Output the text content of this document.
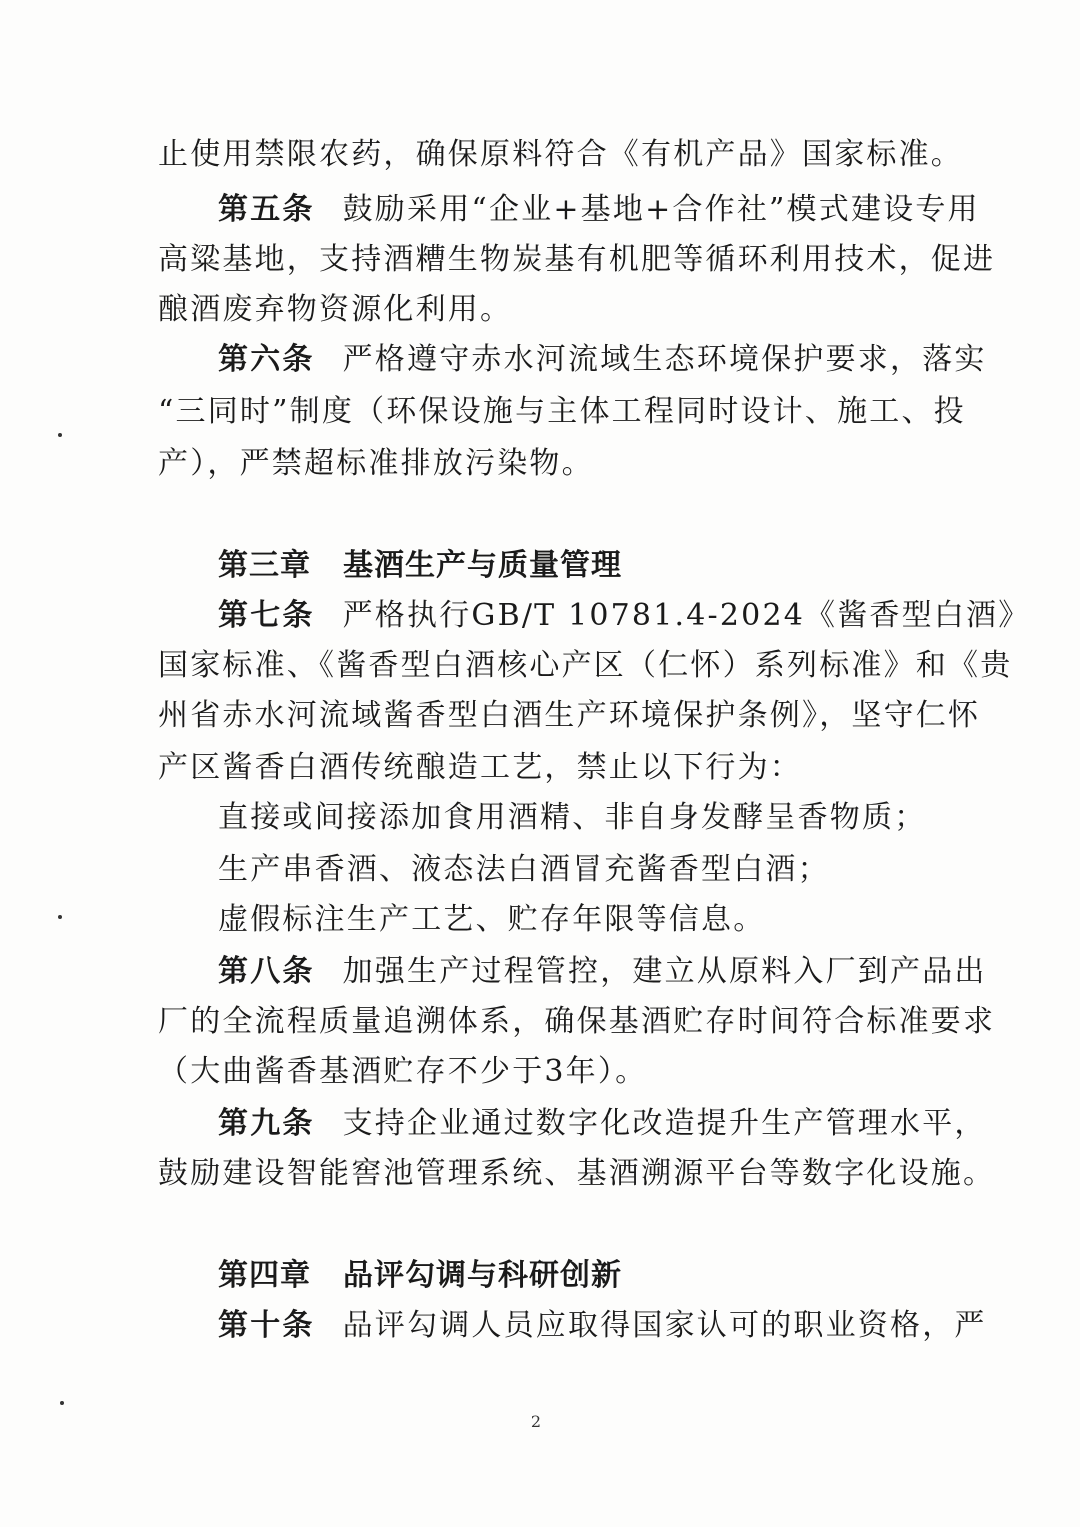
止使用禁限农药，确保原料符合《有机产品》国家标准。
第五条 鼓励采用“企业+基地+合作社”模式建设专用
高粱基地，支持酒糟生物炭基有机肥等循环利用技术，促进
酿酒废弃物资源化利用。
第六条 严格遵守赤水河流域生态环境保护要求，落实
“三同时”制度（环保设施与主体工程同时设计、施工、投
产），严禁超标准排放污染物。
第三章 基酒生产与质量管理
第七条 严格执行GB/T 10781.4-2024《酱香型白酒》
国家标准、《酱香型白酒核心产区（仁怀）系列标准》和《贵
州省赤水河流域酱香型白酒生产环境保护条例》，坚守仁怀
产区酱香白酒传统酿造工艺，禁止以下行为：
直接或间接添加食用酒精、非自身发酵呈香物质；
生产串香酒、液态法白酒冒充酱香型白酒；
虚假标注生产工艺、贮存年限等信息。
第八条 加强生产过程管控，建立从原料入厂到产品出
厂的全流程质量追溯体系，确保基酒贮存时间符合标准要求
（大曲酱香基酒贮存不少于3年）。
第九条 支持企业通过数字化改造提升生产管理水平，
鼓励建设智能窖池管理系统、基酒溯源平台等数字化设施。
第四章 品评勾调与科研创新
第十条 品评勾调人员应取得国家认可的职业资格，严
2
